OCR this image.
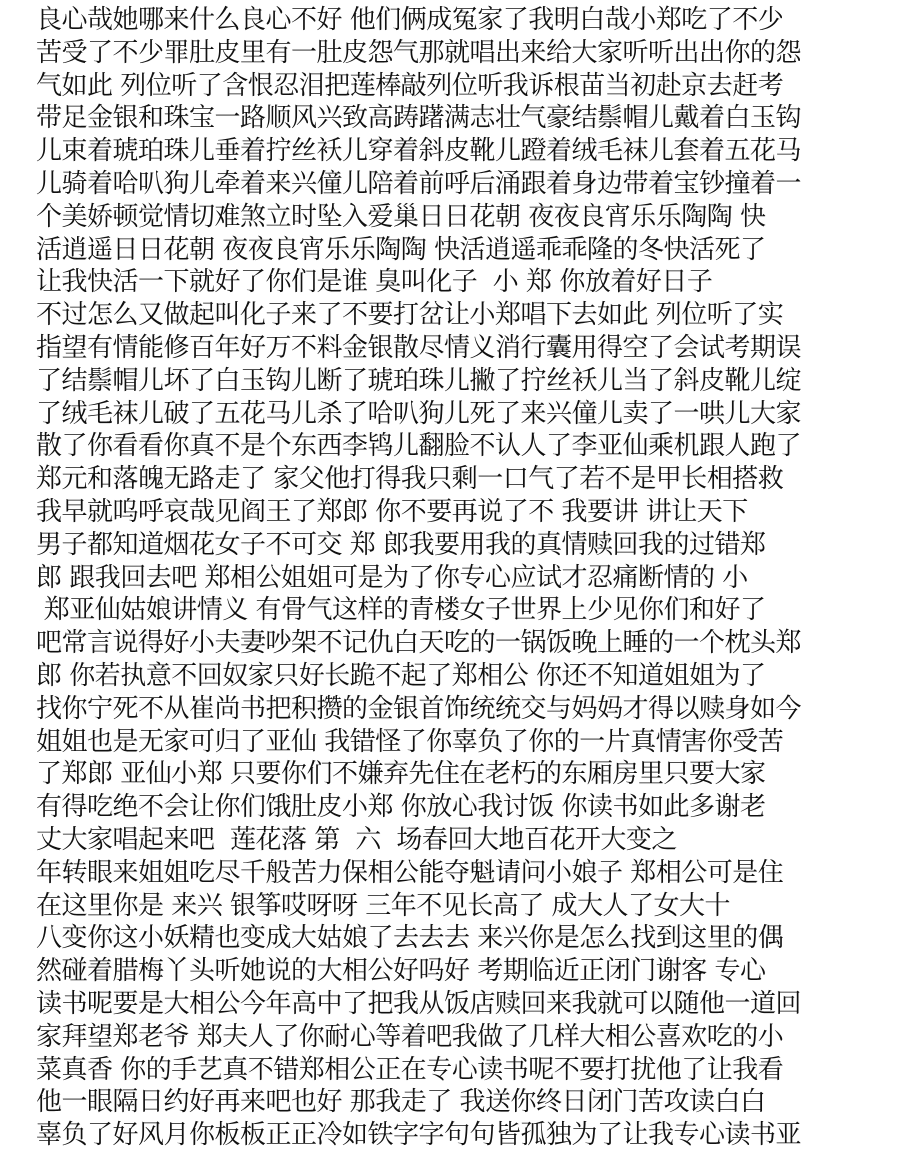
良心哉她哪来什么良心不好 他们俩成冤家了我明白哉小郑吃了不少
苦受了不少罪肚皮里有一肚皮怨气那就唱出来给大家听听出出你的怨
气如此 列位听了含恨忍泪把莲棒敲列位听我诉根苗当初赴京去赶考
带足金银和珠宝一路顺风兴致高踌躇满志壮气豪结鬃帽儿戴着白玉钩
儿束着琥珀珠儿垂着拧丝袄儿穿着斜皮靴儿蹬着绒毛袜儿套着五花马
儿骑着哈叭狗儿牵着来兴僮儿陪着前呼后涌跟着身边带着宝钞撞着一
个美娇顿觉情切难煞立时坠入爱巢日日花朝 夜夜良宵乐乐陶陶 快
活逍遥日日花朝 夜夜良宵乐乐陶陶 快活逍遥乖乖隆的冬快活死了
让我快活一下就好了你们是谁 臭叫化子  小 郑 你放着好日子
不过怎么又做起叫化子来了不要打岔让小郑唱下去如此 列位听了实
指望有情能修百年好万不料金银散尽情义消行囊用得空了会试考期误
了结鬃帽儿坏了白玉钩儿断了琥珀珠儿撇了拧丝袄儿当了斜皮靴儿绽
了绒毛袜儿破了五花马儿杀了哈叭狗儿死了来兴僮儿卖了一哄儿大家
散了你看看你真不是个东西李鸨儿翻脸不认人了李亚仙乘机跟人跑了
郑元和落魄无路走了 家父他打得我只剩一口气了若不是甲长相搭救
我早就呜呼哀哉见阎王了郑郎 你不要再说了不 我要讲 讲让天下
男子都知道烟花女子不可交 郑 郎我要用我的真情赎回我的过错郑
郎 跟我回去吧 郑相公姐姐可是为了你专心应试才忍痛断情的 小
郑亚仙姑娘讲情义 有骨气这样的青楼女子世界上少见你们和好了
吧常言说得好小夫妻吵架不记仇白天吃的一锅饭晚上睡的一个枕头郑
郎 你若执意不回奴家只好长跪不起了郑相公 你还不知道姐姐为了
找你宁死不从崔尚书把积攒的金银首饰统统交与妈妈才得以赎身如今
姐姐也是无家可归了亚仙 我错怪了你辜负了你的一片真情害你受苦
了郑郎 亚仙小郑 只要你们不嫌弃先住在老朽的东厢房里只要大家
有得吃绝不会让你们饿肚皮小郑 你放心我讨饭 你读书如此多谢老
丈大家唱起来吧  莲花落 第  六  场春回大地百花开大变之
年转眼来姐姐吃尽千般苦力保相公能夺魁请问小娘子 郑相公可是住
在这里你是 来兴 银筝哎呀呀 三年不见长高了 成大人了女大十
八变你这小妖精也变成大姑娘了去去去 来兴你是怎么找到这里的偶
然碰着腊梅丫头听她说的大相公好吗好 考期临近正闭门谢客 专心
读书呢要是大相公今年高中了把我从饭店赎回来我就可以随他一道回
家拜望郑老爷 郑夫人了你耐心等着吧我做了几样大相公喜欢吃的小
菜真香 你的手艺真不错郑相公正在专心读书呢不要打扰他了让我看
他一眼隔日约好再来吧也好 那我走了 我送你终日闭门苦攻读白白
辜负了好风月你板板正正冷如铁字字句句皆孤独为了让我专心读书亚
